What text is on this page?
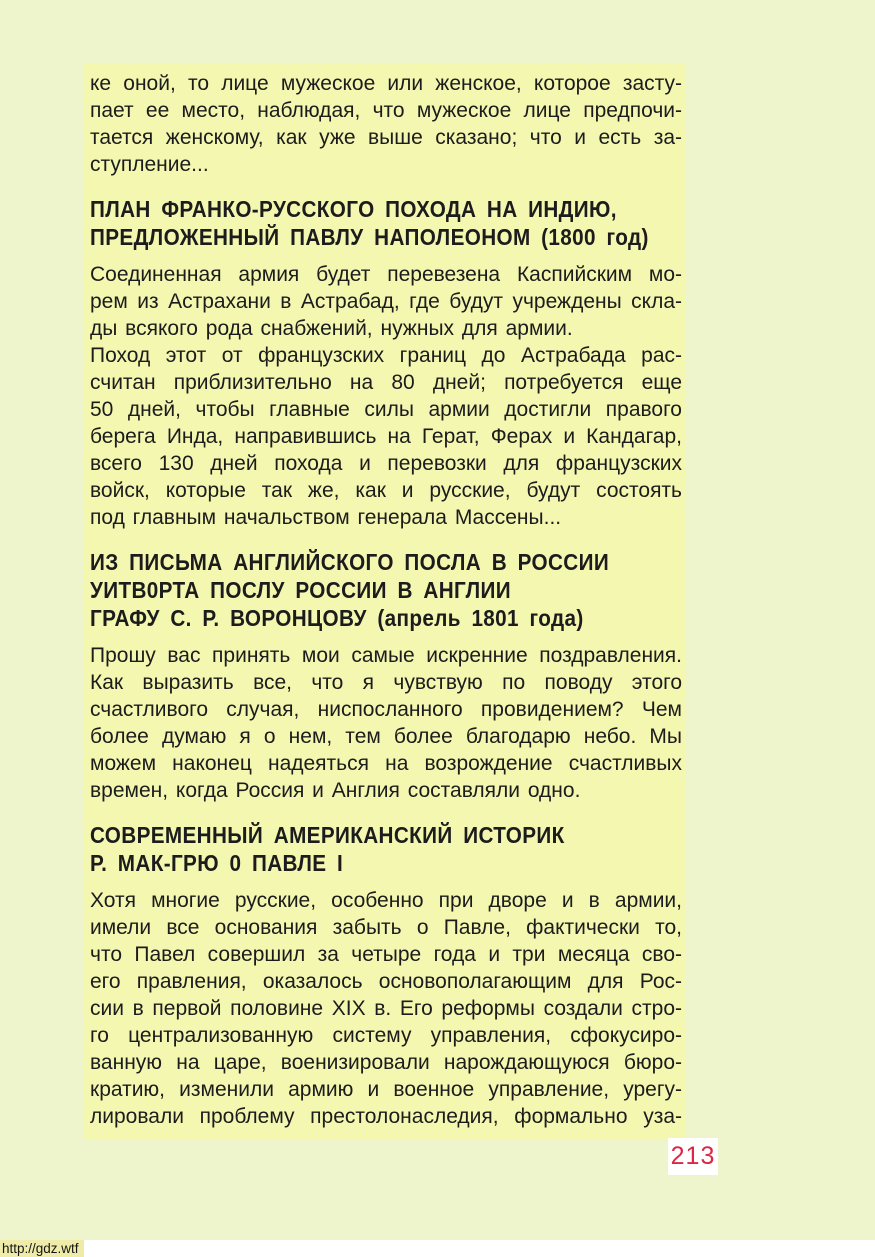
ке оной, то лице мужеское или женское, которое засту-
пает ее место, наблюдая, что мужеское лице предпочи-
тается женскому, как уже выше сказано; что и есть за-
ступление...
ПЛАН ФРАНКО-РУССКОГО ПОХОДА НА ИНДИЮ,
ПРЕДЛОЖЕННЫЙ ПАВЛУ НАПОЛЕОНОМ (1800 год)
Соединенная армия будет перевезена Каспийским мо-
рем из Астрахани в Астрабад, где будут учреждены скла-
ды всякого рода снабжений, нужных для армии.
Поход этот от французских границ до Астрабада рас-
считан приблизительно на 80 дней; потребуется еще
50 дней, чтобы главные силы армии достигли правого
берега Инда, направившись на Герат, Ферах и Кандагар,
всего 130 дней похода и перевозки для французских
войск, которые так же, как и русские, будут состоять
под главным начальством генерала Массены...
ИЗ ПИСЬМА АНГЛИЙСКОГО ПОСЛА В РОССИИ
УИТВ0РТА ПОСЛУ РОССИИ В АНГЛИИ
ГРАФУ С. Р. ВОРОНЦОВУ (апрель 1801 года)
Прошу вас принять мои самые искренние поздравления.
Как выразить все, что я чувствую по поводу этого
счастливого случая, ниспосланного провидением? Чем
более думаю я о нем, тем более благодарю небо. Мы
можем наконец надеяться на возрождение счастливых
времен, когда Россия и Англия составляли одно.
СОВРЕМЕННЫЙ АМЕРИКАНСКИЙ ИСТОРИК
Р. МАК-ГРЮ 0 ПАВЛЕ I
Хотя многие русские, особенно при дворе и в армии,
имели все основания забыть о Павле, фактически то,
что Павел совершил за четыре года и три месяца сво-
его правления, оказалось основополагающим для Рос-
сии в первой половине XIX в. Его реформы создали стро-
го централизованную систему управления, сфокусиро-
ванную на царе, военизировали нарождающуюся бюро-
кратию, изменили армию и военное управление, урегу-
лировали проблему престолонаследия, формально уза-
213
http://gdz.wtf
